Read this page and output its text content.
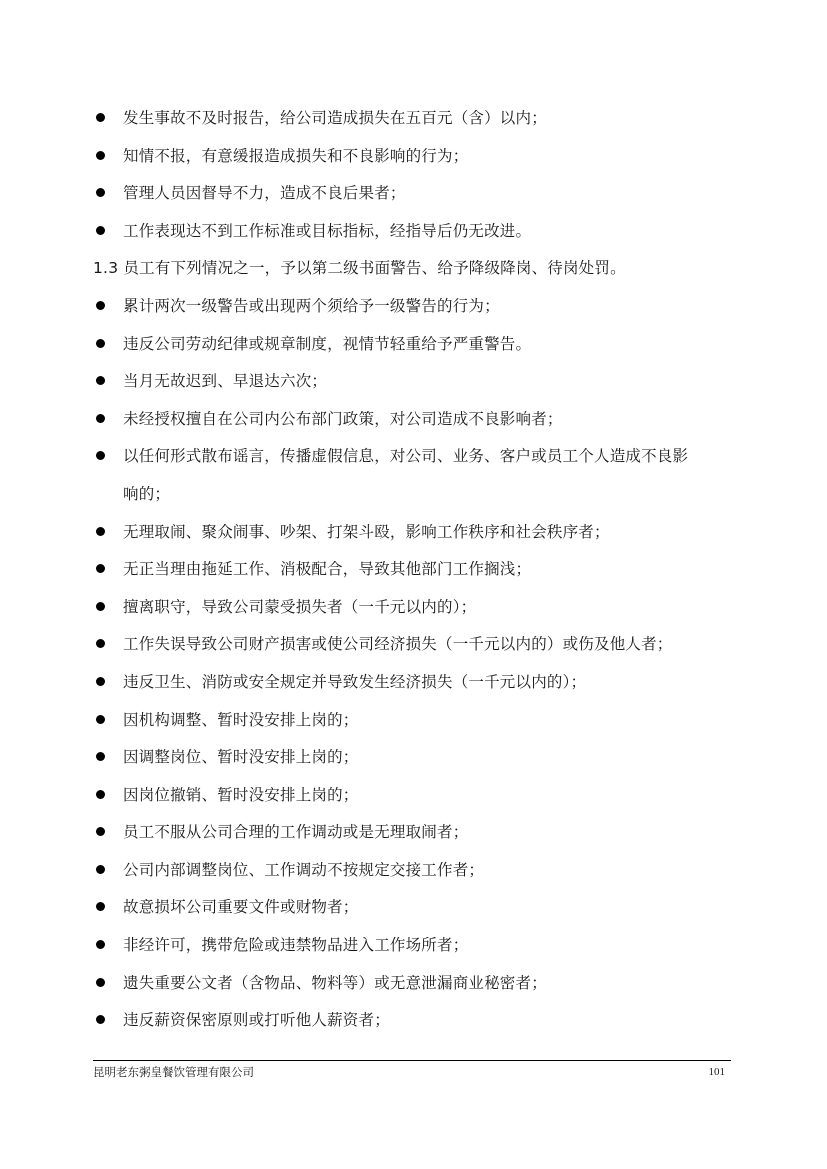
发生事故不及时报告，给公司造成损失在五百元（含）以内；
知情不报，有意缓报造成损失和不良影响的行为；
管理人员因督导不力，造成不良后果者；
工作表现达不到工作标准或目标指标，经指导后仍无改进。
1.3 员工有下列情况之一，予以第二级书面警告、给予降级降岗、待岗处罚。
累计两次一级警告或出现两个须给予一级警告的行为；
违反公司劳动纪律或规章制度，视情节轻重给予严重警告。
当月无故迟到、早退达六次；
未经授权擅自在公司内公布部门政策，对公司造成不良影响者；
以任何形式散布谣言，传播虚假信息，对公司、业务、客户或员工个人造成不良影
响的；
无理取闹、聚众闹事、吵架、打架斗殴，影响工作秩序和社会秩序者；
无正当理由拖延工作、消极配合，导致其他部门工作搁浅；
擅离职守，导致公司蒙受损失者（一千元以内的）；
工作失误导致公司财产损害或使公司经济损失（一千元以内的）或伤及他人者；
违反卫生、消防或安全规定并导致发生经济损失（一千元以内的）；
因机构调整、暂时没安排上岗的；
因调整岗位、暂时没安排上岗的；
因岗位撤销、暂时没安排上岗的；
员工不服从公司合理的工作调动或是无理取闹者；
公司内部调整岗位、工作调动不按规定交接工作者；
故意损坏公司重要文件或财物者；
非经许可，携带危险或违禁物品进入工作场所者；
遗失重要公文者（含物品、物料等）或无意泄漏商业秘密者；
违反薪资保密原则或打听他人薪资者；
昆明老东粥皇餐饮管理有限公司	101
